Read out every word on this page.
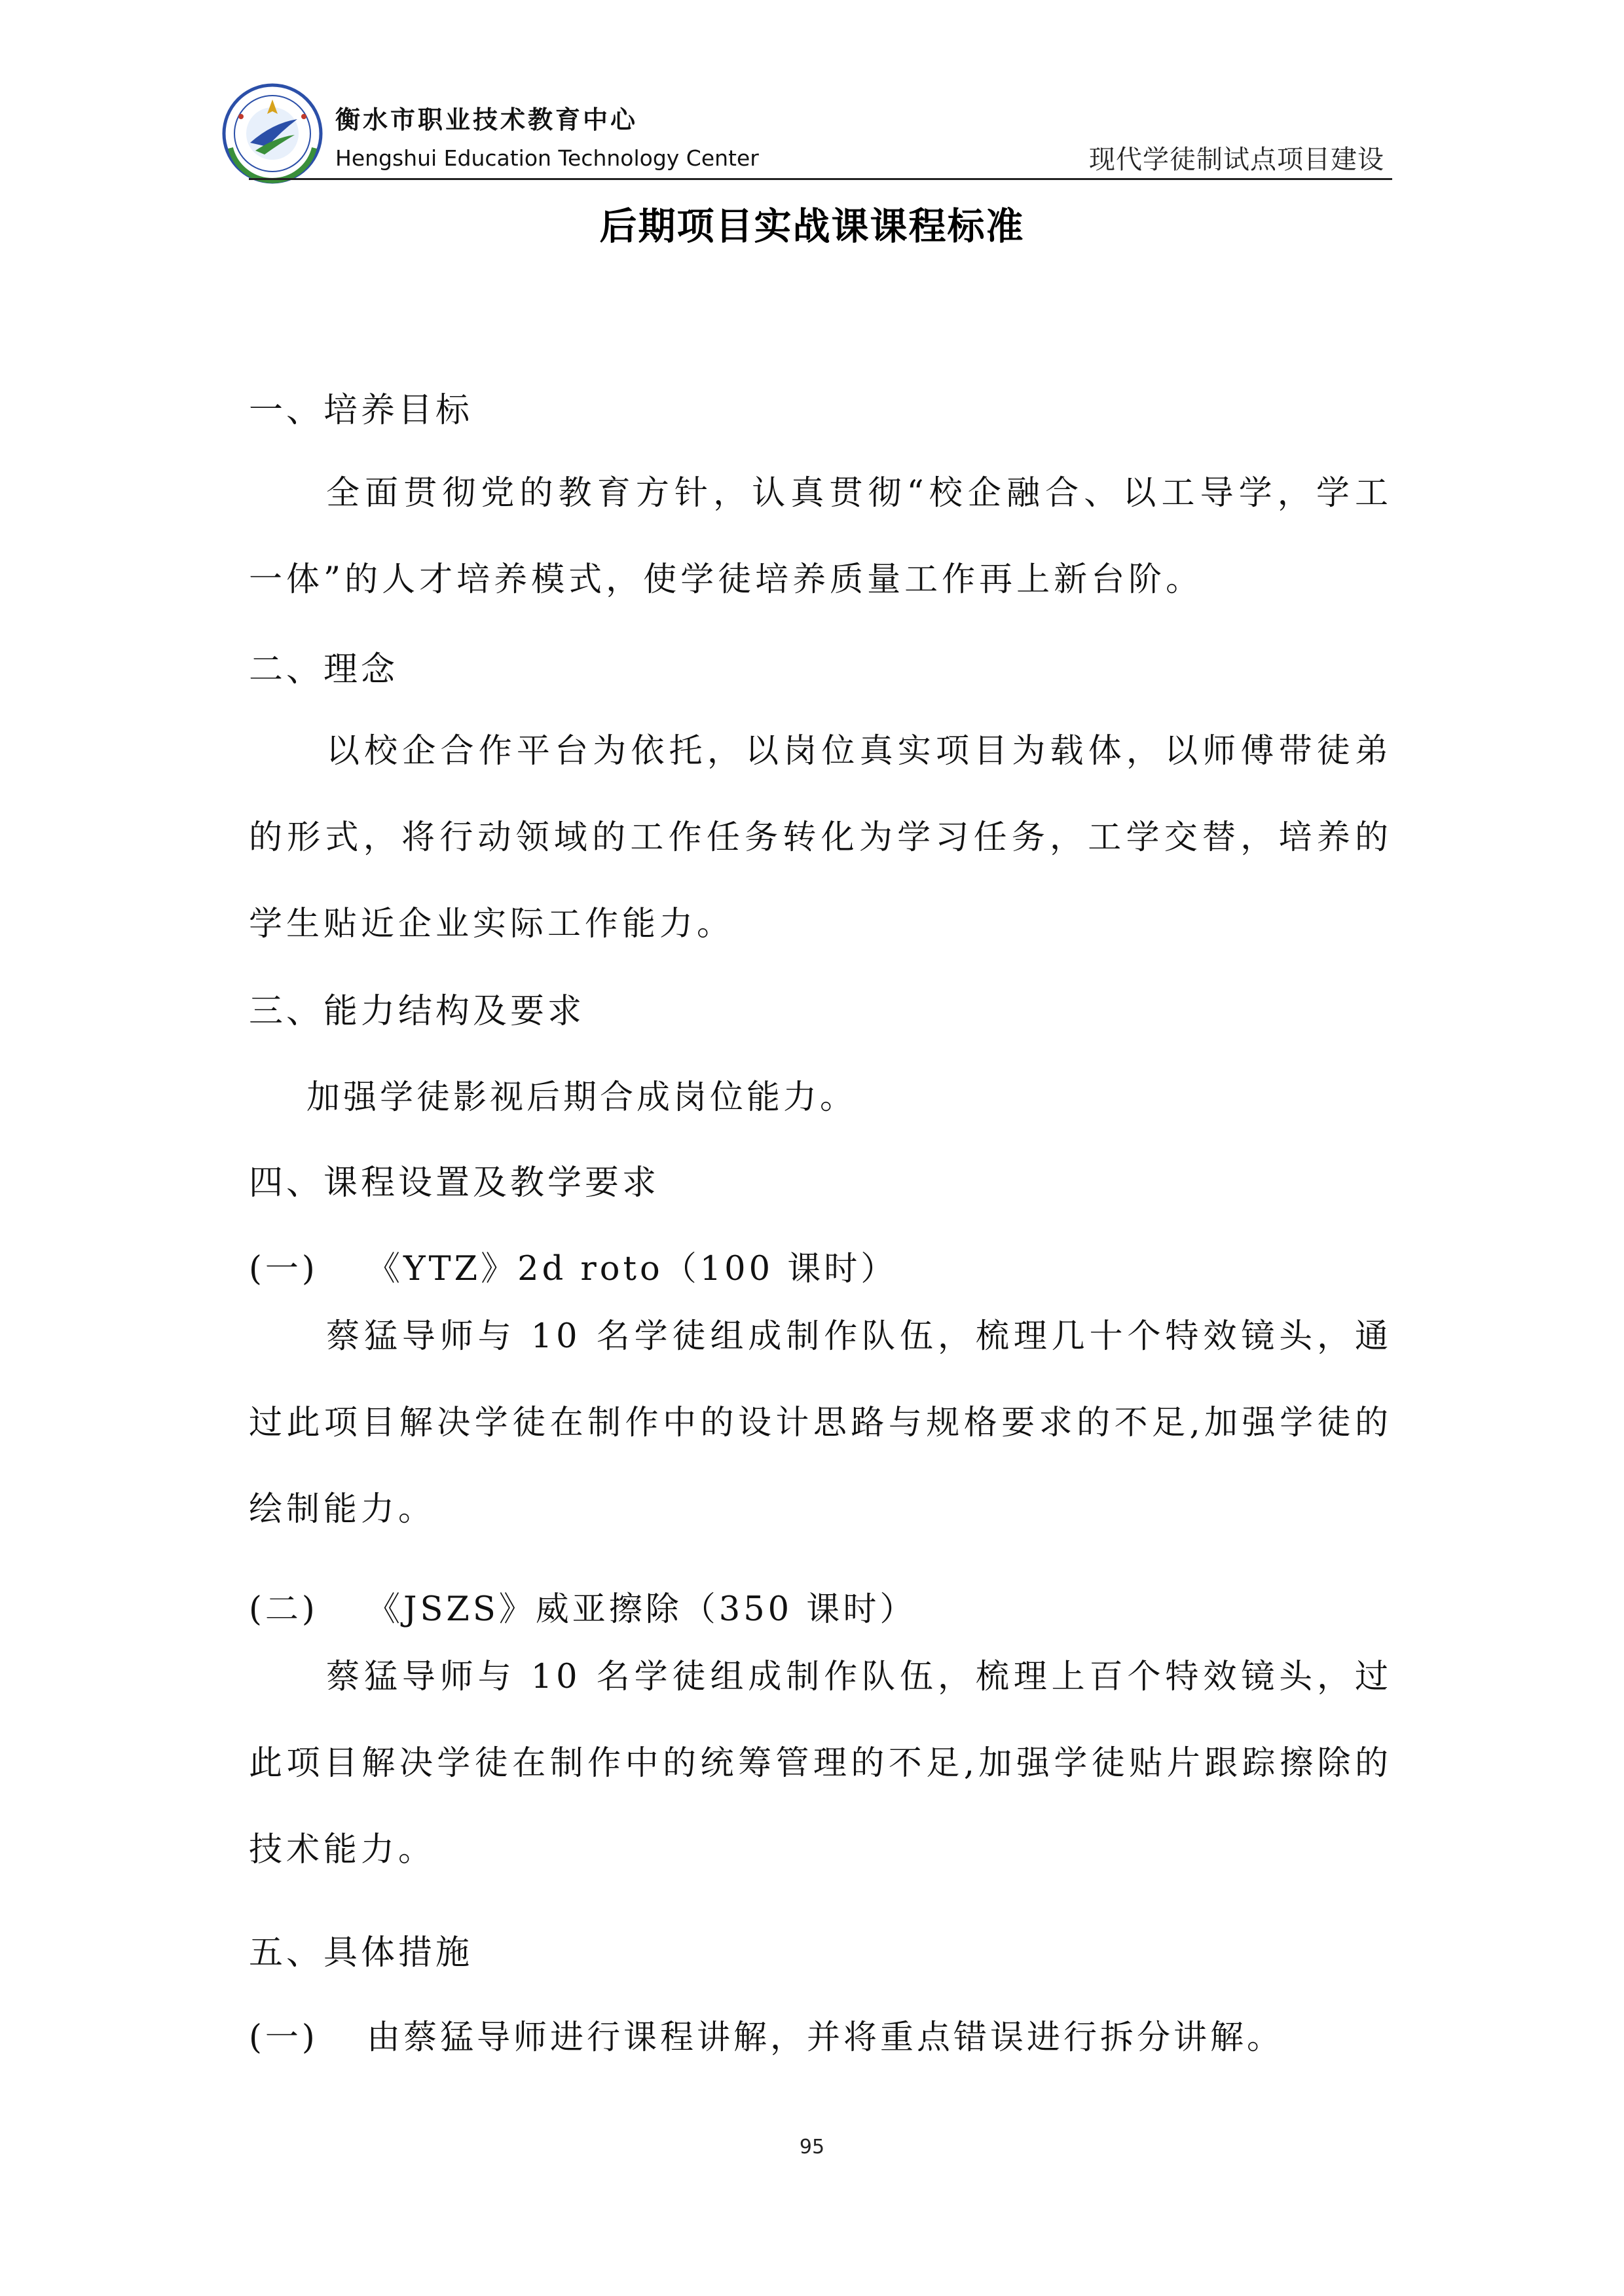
衡水市职业技术教育中心
Hengshui Education Technology Center	现代学徒制试点项目建设
后期项目实战课课程标准
一、培养目标
全面贯彻党的教育方针，认真贯彻“校企融合、以工导学，学工一体”的人才培养模式，使学徒培养质量工作再上新台阶。
二、理念
以校企合作平台为依托，以岗位真实项目为载体，以师傅带徒弟的形式，将行动领域的工作任务转化为学习任务，工学交替，培养的学生贴近企业实际工作能力。
三、能力结构及要求
加强学徒影视后期合成岗位能力。
四、课程设置及教学要求
(一) 《YTZ》2d roto（100 课时）
蔡猛导师与 10 名学徒组成制作队伍，梳理几十个特效镜头，通过此项目解决学徒在制作中的设计思路与规格要求的不足,加强学徒的绘制能力。
(二) 《JSZS》威亚擦除（350 课时）
蔡猛导师与 10 名学徒组成制作队伍，梳理上百个特效镜头，过此项目解决学徒在制作中的统筹管理的不足,加强学徒贴片跟踪擦除的技术能力。
五、具体措施
(一) 由蔡猛导师进行课程讲解，并将重点错误进行拆分讲解。
95
